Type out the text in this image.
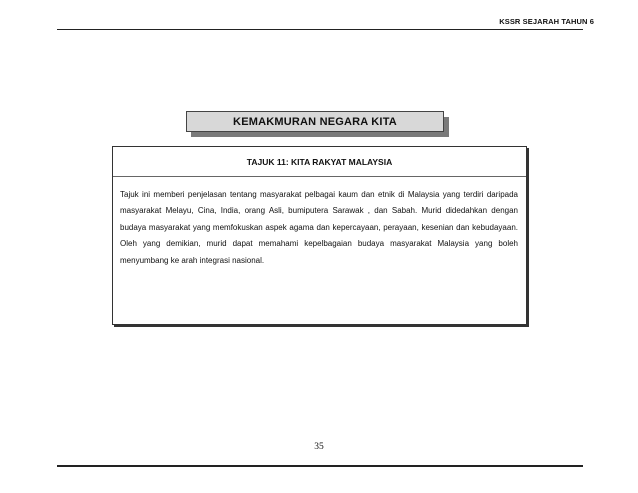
KSSR SEJARAH TAHUN 6
KEMAKMURAN NEGARA KITA
TAJUK 11: KITA RAKYAT MALAYSIA
Tajuk ini memberi penjelasan tentang masyarakat pelbagai kaum dan etnik di Malaysia yang terdiri daripada masyarakat Melayu, Cina, India, orang Asli, bumiputera Sarawak , dan Sabah. Murid didedahkan dengan budaya masyarakat yang memfokuskan aspek agama dan kepercayaan, perayaan, kesenian dan kebudayaan. Oleh yang demikian, murid dapat memahami kepelbagaian budaya masyarakat Malaysia yang boleh menyumbang ke arah integrasi nasional.
35
